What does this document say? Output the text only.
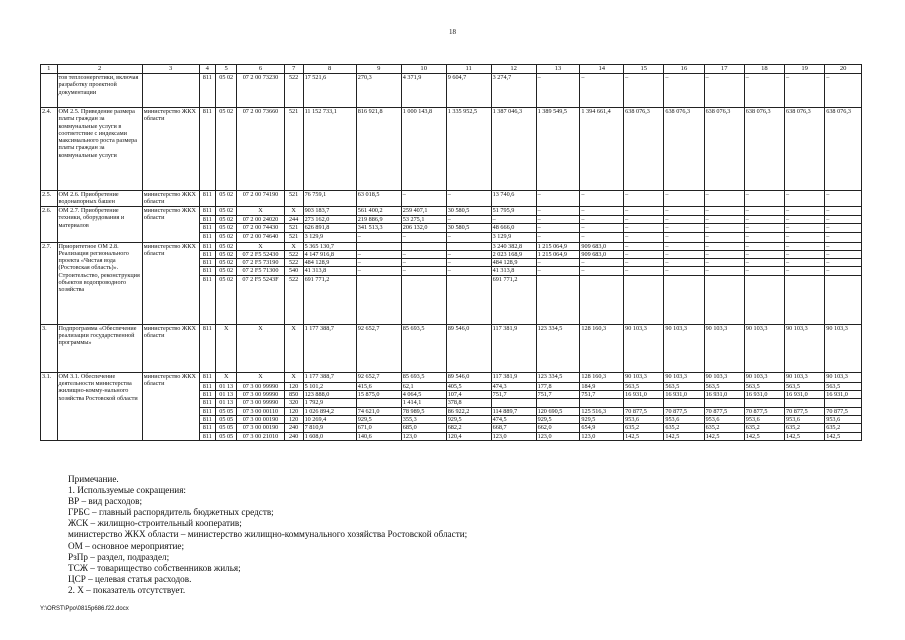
18
1	2	3	4	5	6	7	8	9	10	11	12	13	14	15	16	17	18	19	20
	тов теплоэнергетики, включая разработку проектной документации		811	05 02	07 2 00 73230	522	17 521,6	270,3	4 371,9	9 604,7	3 274,7	–	–	–	–	–	–	–	–
2.4.	ОМ 2.5. Приведение размера платы граждан за коммунальные услуги в соответствие с индексами максимального роста размера платы граждан за коммунальные услуги	министерство ЖКХ области	811	05 02	07 2 00 73660	521	11 152 733,1	816 921,8	1 000 143,8	1 335 952,5	1 387 046,3	1 389 549,5	1 394 661,4	638 076,3	638 076,3	638 076,3	638 076,3	638 076,3	638 076,3
2.5.	ОМ 2.6. Приобретение водонапорных башен	министерство ЖКХ области	811	05 02	07 2 00 74190	521	76 759,1	63 018,5	–	–	13 740,6	–	–	–	–	–	–	–	–
2.6.	ОМ 2.7. Приобретение техники, оборудования и материалов	министерство ЖКХ области	811	05 02	Х	Х	903 183,7	561 400,2	259 407,1	30 580,5	51 795,9	–	–	–	–	–	–	–	–
			811	05 02	07 2 00 24020	244	273 162,0	219 886,9	53 275,1	–	–	–	–	–	–	–	–	–	–
			811	05 02	07 2 00 74430	521	626 891,8	341 513,3	206 132,0	30 580,5	48 666,0	–	–	–	–	–	–	–	–
			811	05 02	07 2 00 74640	521	3 129,9	–	–	–	3 129,9	–	–	–	–	–	–	–	–
2.7.	Приоритетное ОМ 2.8. Реализация регионального проекта «Чистая вода (Ростовская область)». Строительство, реконструкция объектов водопроводного хозяйства	министерство ЖКХ области	811	05 02	Х	Х	5 365 130,7				3 240 382,8	1 215 064,9	909 683,0	–	–	–	–	–	–
			811	05 02	07 2 F5 52430	522	4 147 916,8	–	–	–	2 023 168,9	1 215 064,9	909 683,0	–	–	–	–	–	–
			811	05 02	07 2 F5 73190	522	484 128,9	–	–	–	484 128,9	–	–	–	–	–	–	–	–
			811	05 02	07 2 F5 71300	540	41 313,8	–	–	–	41 313,8	–	–	–	–	–	–	–	–
			811	05 02	07 2 F5 5243F	522	691 771,2				691 771,2								
3.	Подпрограмма «Обеспечение реализации государственной программы»	министерство ЖКХ области	811	Х	Х	Х	1 177 388,7	92 652,7	85 693,5	89 546,0	117 381,9	123 334,5	128 160,3	90 103,3	90 103,3	90 103,3	90 103,3	90 103,3	90 103,3
3.1.	ОМ 3.1. Обеспечение деятельности министерства жилищно-комму-нального хозяйства Ростовской области	министерство ЖКХ области	811	Х	Х	Х	1 177 388,7	92 652,7	85 693,5	89 546,0	117 381,9	123 334,5	128 160,3	90 103,3	90 103,3	90 103,3	90 103,3	90 103,3	90 103,3
			811	01 13	07 3 00 99990	120	5 101,2	415,6	62,1	405,5	474,3	177,8	184,9	563,5	563,5	563,5	563,5	563,5	563,5
			811	01 13	07 3 00 99990	850	123 888,0	15 875,0	4 064,5	107,4	751,7	751,7	751,7	16 931,0	16 931,0	16 931,0	16 931,0	16 931,0	16 931,0
			811	01 13	07 3 00 99990	320	1 792,9		1 414,1	378,8									
			811	05 05	07 3 00 00110	120	1 026 894,2	74 621,0	78 989,5	86 922,2	114 889,7	120 690,5	125 516,3	70 877,5	70 877,5	70 877,5	70 877,5	70 877,5	70 877,5
			811	05 05	07 3 00 00190	120	10 269,4	929,5	355,3	929,5	474,5	929,5	929,5	953,6	953,6	953,6	953,6	953,6	953,6
			811	05 05	07 3 00 00190	240	7 810,9	671,0	685,0	682,2	668,7	662,0	654,9	635,2	635,2	635,2	635,2	635,2	635,2
			811	05 05	07 3 00 21010	240	1 608,0	140,6	123,0	120,4	123,0	123,0	123,0	142,5	142,5	142,5	142,5	142,5	142,5
Примечание.
1. Используемые сокращения:
ВР – вид расходов;
ГРБС – главный распорядитель бюджетных средств;
ЖСК – жилищно-строительный кооператив;
министерство ЖКХ области – министерство жилищно-коммунального хозяйства Ростовской области;
ОМ – основное мероприятие;
РзПр – раздел, подраздел;
ТСЖ – товарищество собственников жилья;
ЦСР – целевая статья расходов.
2. Х – показатель отсутствует.
Y:\ORST\Ppo\0815p686.f22.docx
